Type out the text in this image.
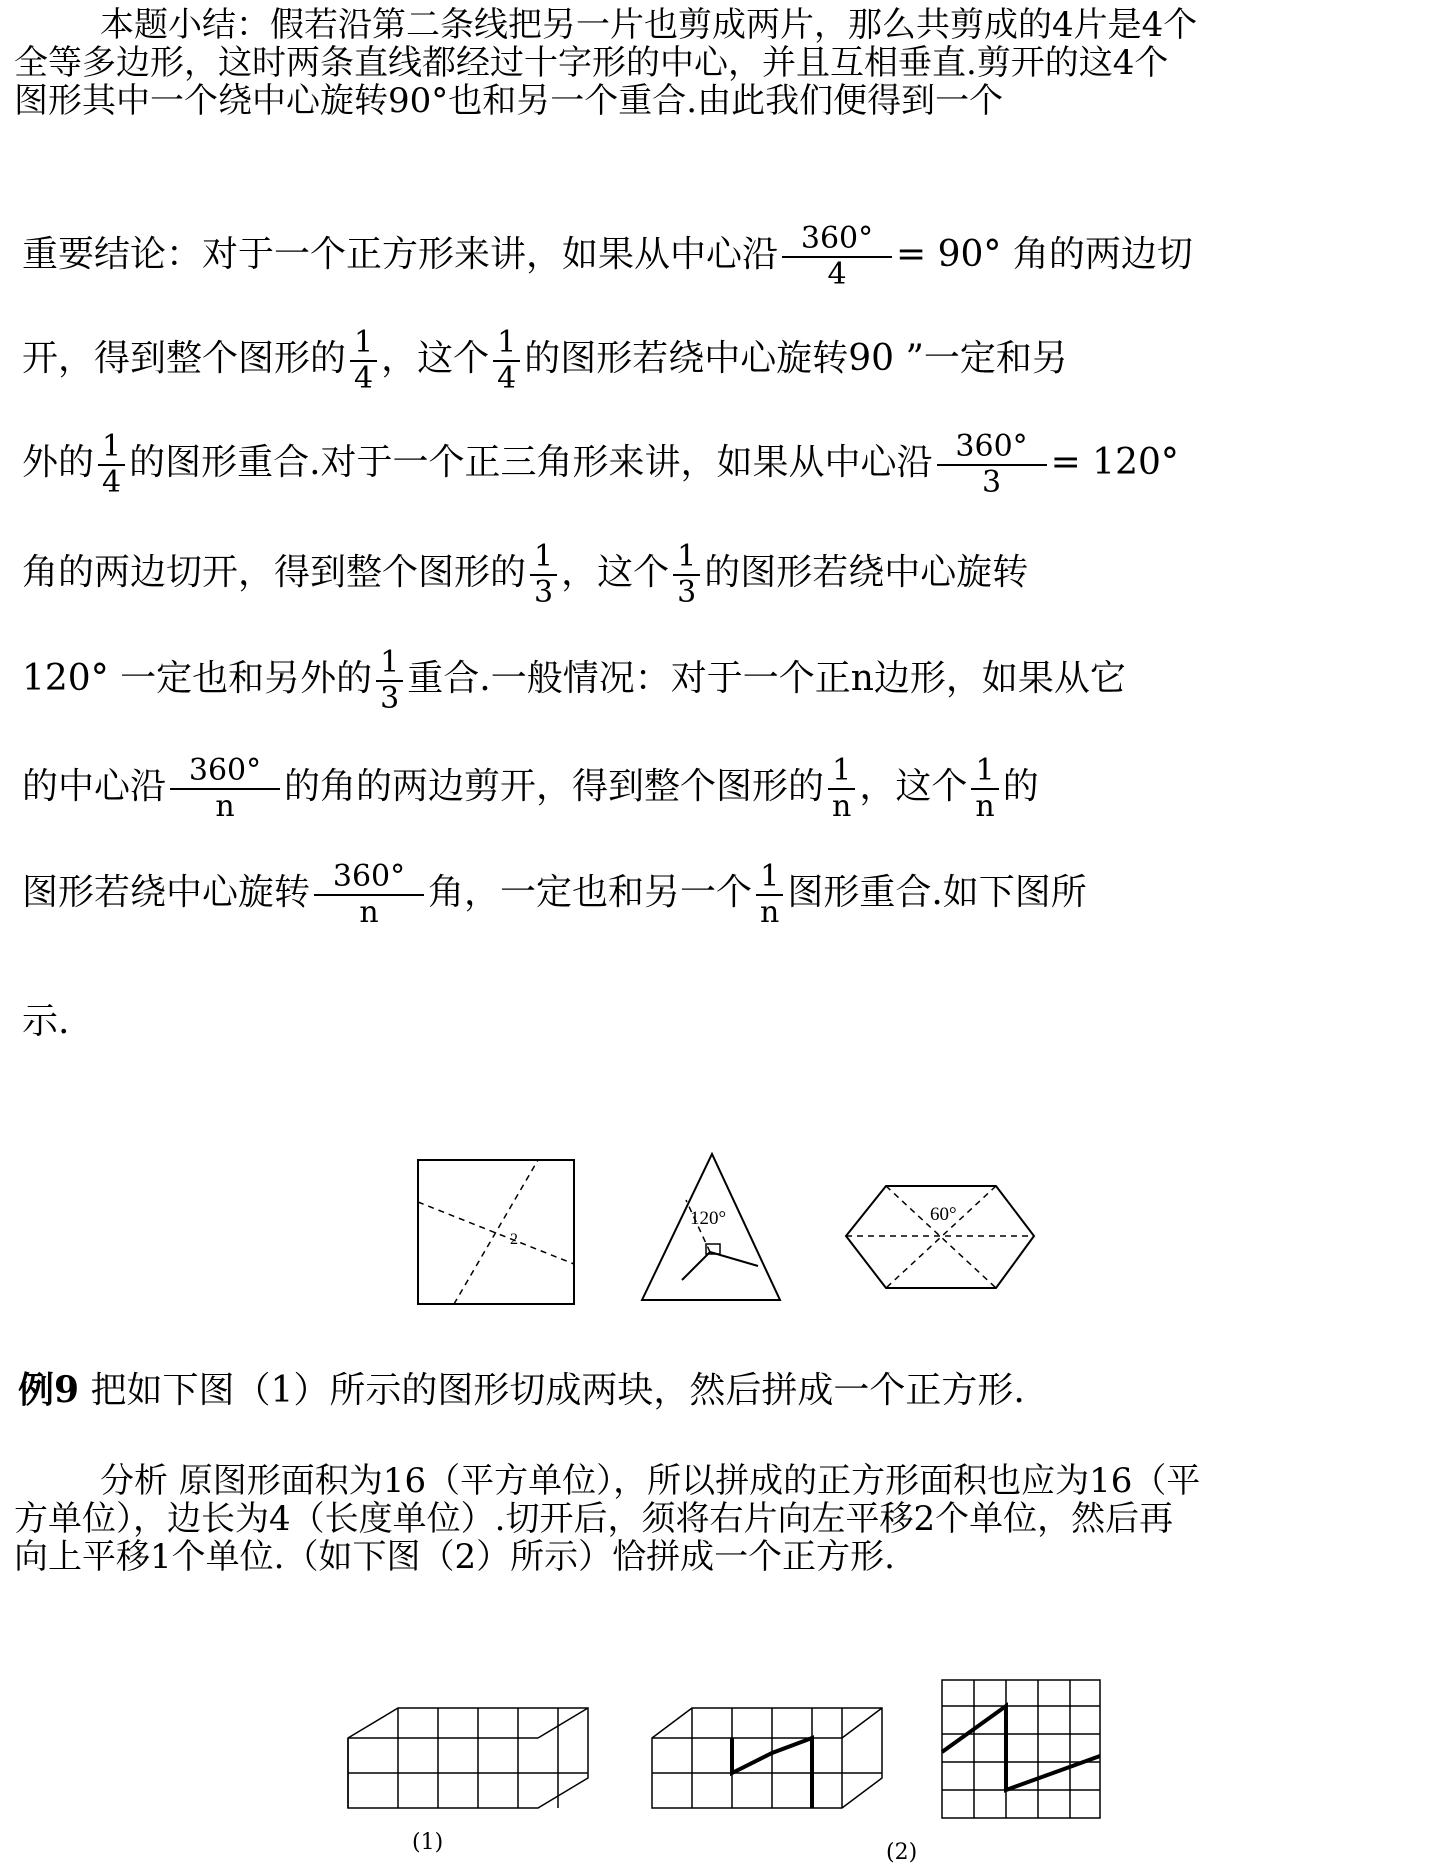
本题小结：假若沿第二条线把另一片也剪成两片，那么共剪成的4片是4个
全等多边形，这时两条直线都经过十字形的中心，并且互相垂直.剪开的这4个
图形其中一个绕中心旋转90°也和另一个重合.由此我们便得到一个
重要结论：对于一个正方形来讲，如果从中心沿 $\frac{360^\circ}{4} = 90^\circ$ 角的两边切
开，得到整个图形的 $\frac{1}{4}$ ，这个 $\frac{1}{4}$ 的图形若绕中心旋转90 ”一定和另
外的 $\frac{1}{4}$ 的图形重合.对于一个正三角形来讲，如果从中心沿 $\frac{360^\circ}{3} = 120^\circ$
角的两边切开，得到整个图形的 $\frac{1}{3}$ ，这个 $\frac{1}{3}$ 的图形若绕中心旋转
120° 一定也和另外的 $\frac{1}{3}$ 重合.一般情况：对于一个正n边形，如果从它
的中心沿 $\frac{360^\circ}{n}$ 的角的两边剪开，得到整个图形的 $\frac{1}{n}$ ，这个 $\frac{1}{n}$ 的
图形若绕中心旋转 $\frac{360^\circ}{n}$ 角，一定也和另一个 $\frac{1}{n}$ 图形重合.如下图所
示.
2
120°	60°
例9 把如下图（1）所示的图形切成两块，然后拼成一个正方形.
分析 原图形面积为16（平方单位），所以拼成的正方形面积也应为16（平
方单位），边长为4（长度单位）.切开后，须将右片向左平移2个单位，然后再
向上平移1个单位.（如下图（2）所示）恰拼成一个正方形.
(1)	(2)
